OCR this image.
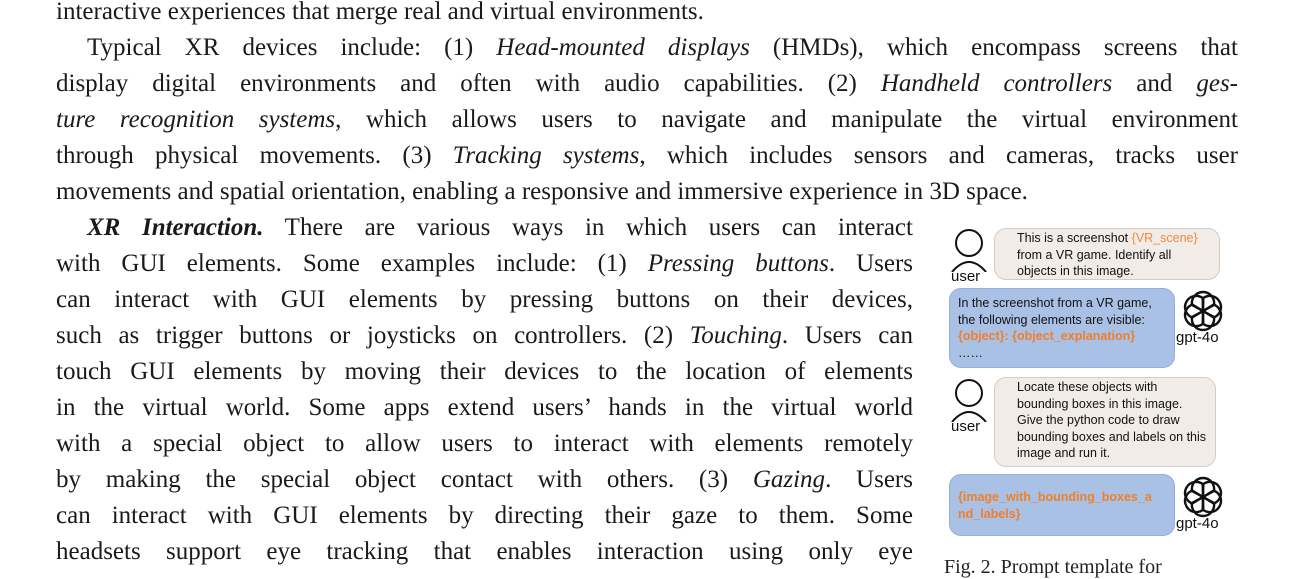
interactive experiences that merge real and virtual environments.
Typical XR devices include: (1) Head-mounted displays (HMDs), which encompass screens that
display digital environments and often with audio capabilities. (2) Handheld controllers and ges-
ture recognition systems, which allows users to navigate and manipulate the virtual environment
through physical movements. (3) Tracking systems, which includes sensors and cameras, tracks user
movements and spatial orientation, enabling a responsive and immersive experience in 3D space.
XR Interaction. There are various ways in which users can interact
with GUI elements. Some examples include: (1) Pressing buttons. Users
can interact with GUI elements by pressing buttons on their devices,
such as trigger buttons or joysticks on controllers. (2) Touching. Users can
touch GUI elements by moving their devices to the location of elements
in the virtual world. Some apps extend users’ hands in the virtual world
with a special object to allow users to interact with elements remotely
by making the special object contact with others. (3) Gazing. Users
can interact with GUI elements by directing their gaze to them. Some
headsets support eye tracking that enables interaction using only eye
user
This is a screenshot {VR_scene}
from a VR game. Identify all
objects in this image.
In the screenshot from a VR game,
the following elements are visible:
{object}: {object_explanation}
……
gpt-4o
user
Locate these objects with
bounding boxes in this image.
Give the python code to draw
bounding boxes and labels on this
image and run it.
{image_with_bounding_boxes_a
nd_labels}
gpt-4o
Fig. 2. Prompt template for
